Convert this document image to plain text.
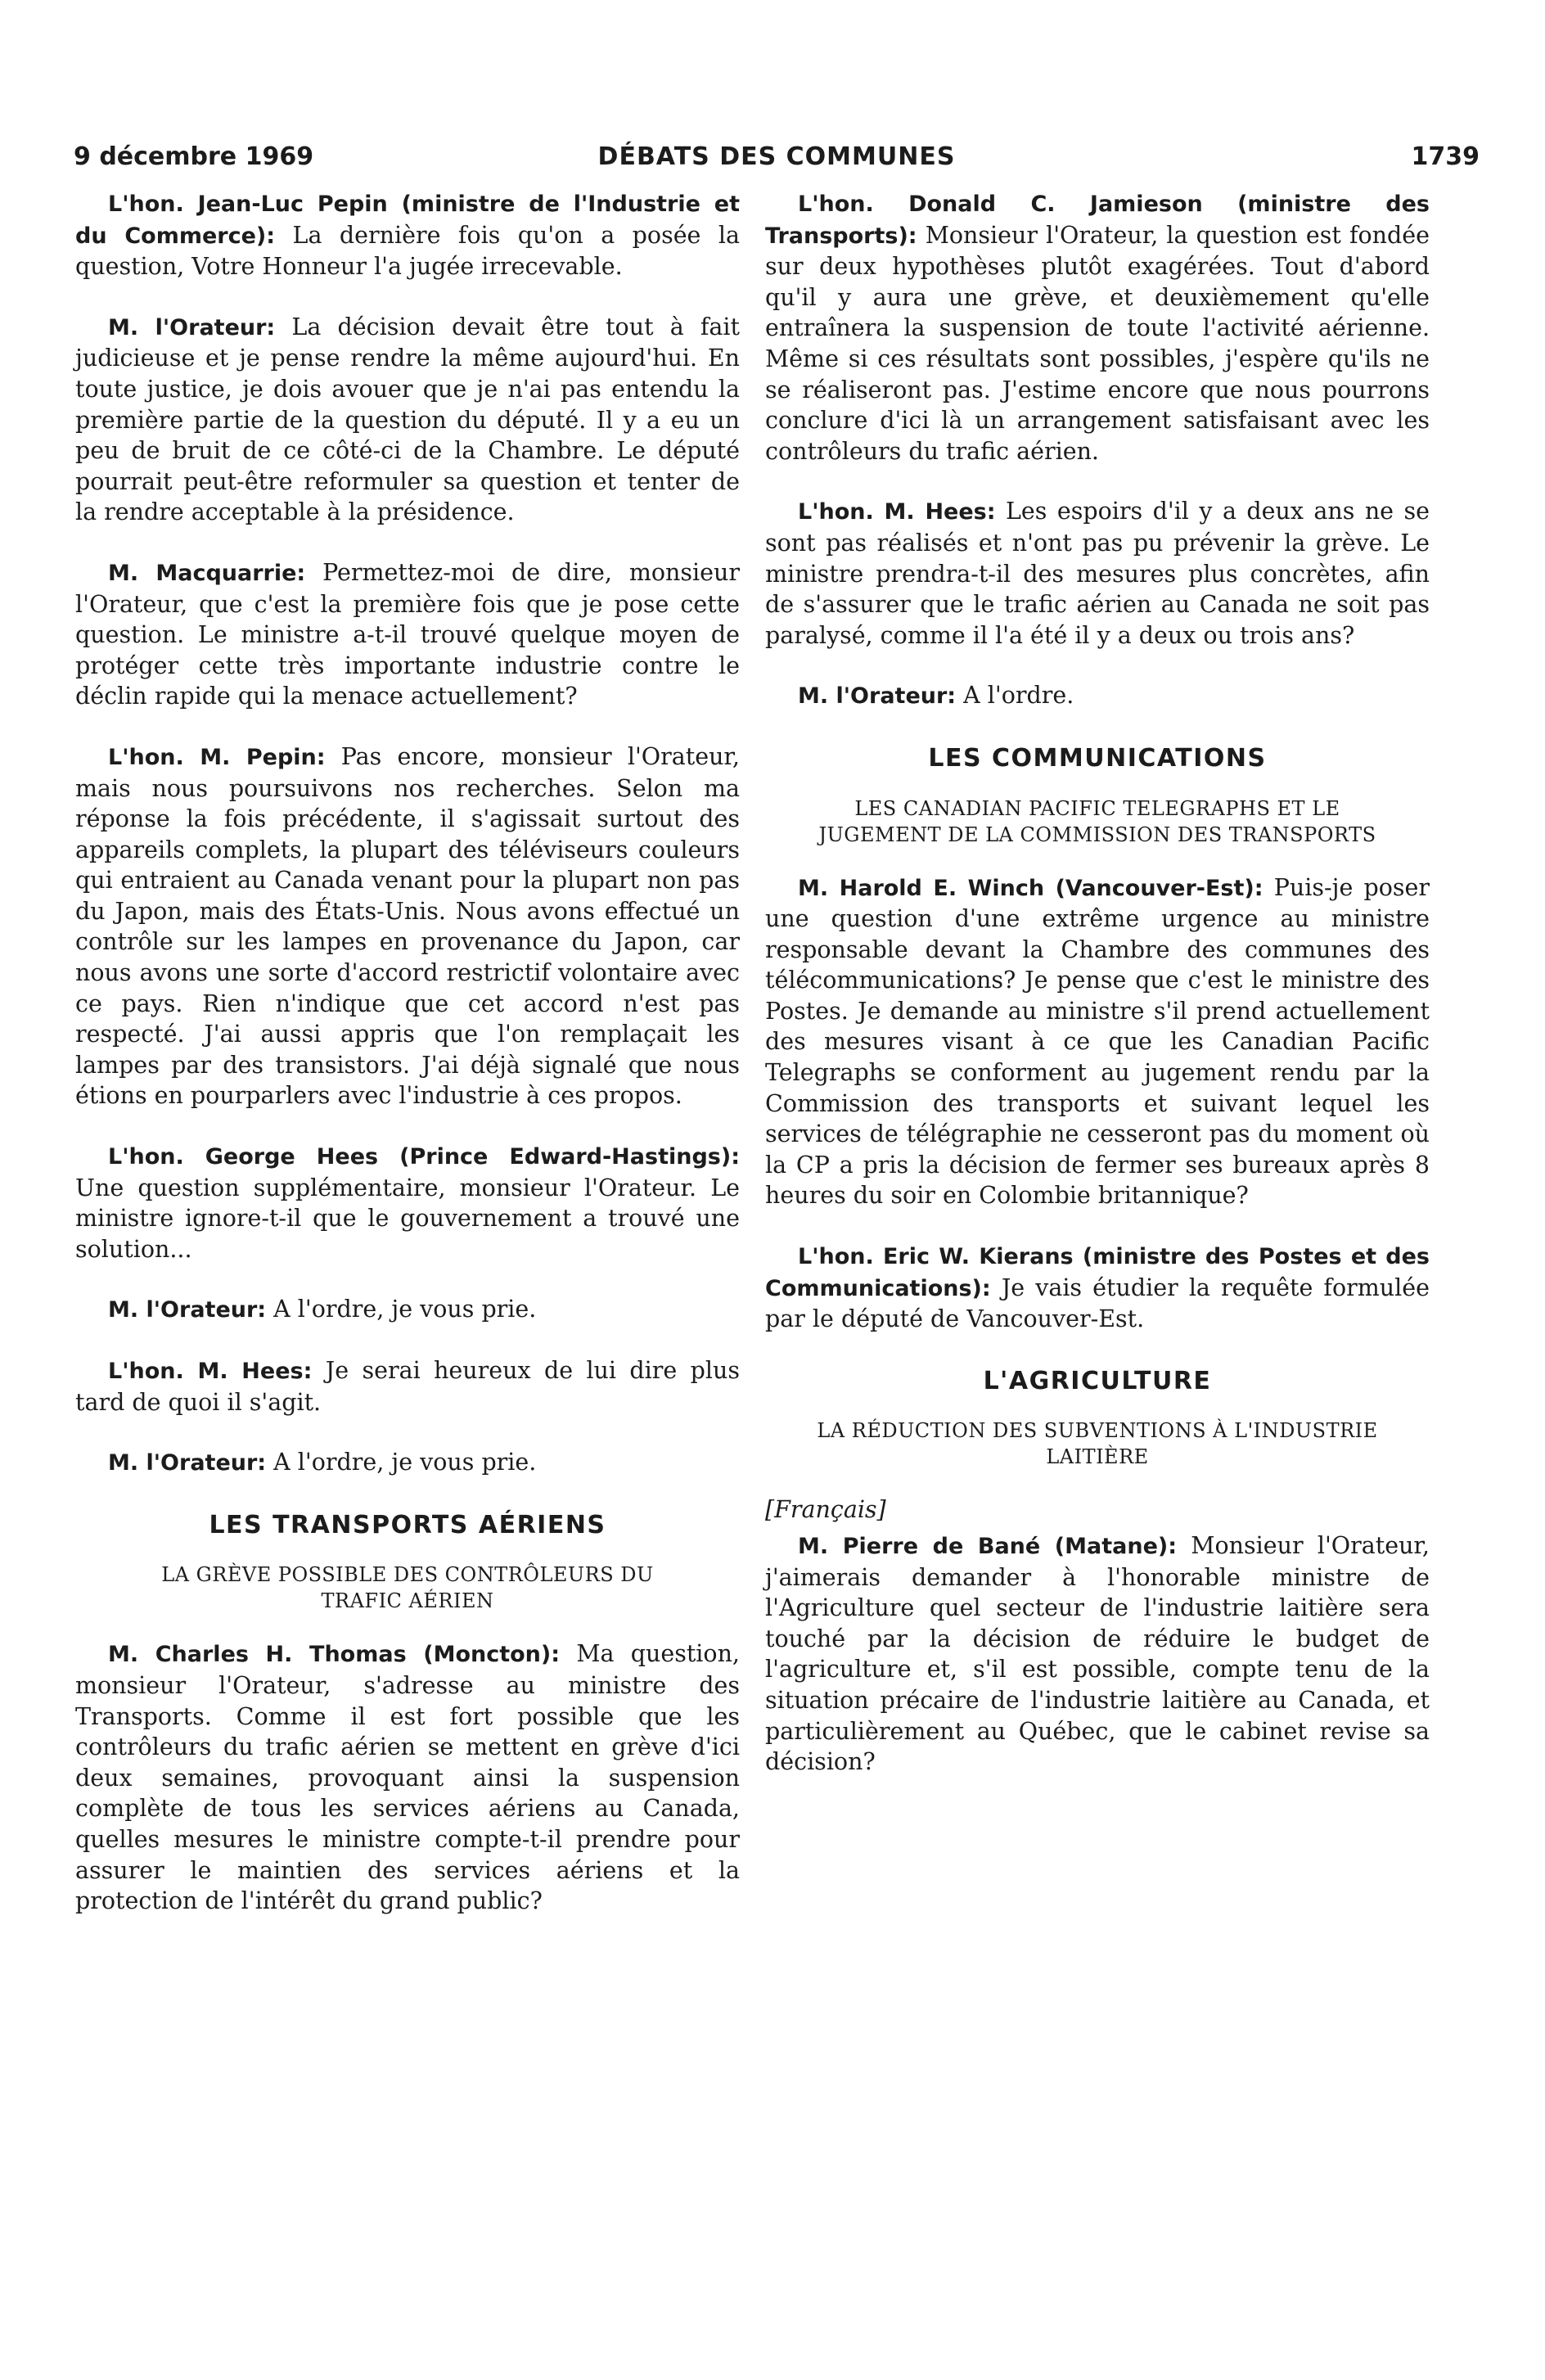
9 décembre 1969	DÉBATS DES COMMUNES	1739

L'hon. Jean-Luc Pepin (ministre de l'Industrie et du Commerce): La dernière fois qu'on a posée la question, Votre Honneur l'a jugée irrecevable.

M. l'Orateur: La décision devait être tout à fait judicieuse et je pense rendre la même aujourd'hui. En toute justice, je dois avouer que je n'ai pas entendu la première partie de la question du député. Il y a eu un peu de bruit de ce côté-ci de la Chambre. Le député pourrait peut-être reformuler sa question et tenter de la rendre acceptable à la présidence.

M. Macquarrie: Permettez-moi de dire, monsieur l'Orateur, que c'est la première fois que je pose cette question. Le ministre a-t-il trouvé quelque moyen de protéger cette très importante industrie contre le déclin rapide qui la menace actuellement?

L'hon. M. Pepin: Pas encore, monsieur l'Orateur, mais nous poursuivons nos recherches. Selon ma réponse la fois précédente, il s'agissait surtout des appareils complets, la plupart des téléviseurs couleurs qui entraient au Canada venant pour la plupart non pas du Japon, mais des États-Unis. Nous avons effectué un contrôle sur les lampes en provenance du Japon, car nous avons une sorte d'accord restrictif volontaire avec ce pays. Rien n'indique que cet accord n'est pas respecté. J'ai aussi appris que l'on remplaçait les lampes par des transistors. J'ai déjà signalé que nous étions en pourparlers avec l'industrie à ces propos.

L'hon. George Hees (Prince Edward-Hastings): Une question supplémentaire, monsieur l'Orateur. Le ministre ignore-t-il que le gouvernement a trouvé une solution...

M. l'Orateur: A l'ordre, je vous prie.

L'hon. M. Hees: Je serai heureux de lui dire plus tard de quoi il s'agit.

M. l'Orateur: A l'ordre, je vous prie.

LES TRANSPORTS AÉRIENS
LA GRÈVE POSSIBLE DES CONTRÔLEURS DU TRAFIC AÉRIEN

M. Charles H. Thomas (Moncton): Ma question, monsieur l'Orateur, s'adresse au ministre des Transports. Comme il est fort possible que les contrôleurs du trafic aérien se mettent en grève d'ici deux semaines, provoquant ainsi la suspension complète de tous les services aériens au Canada, quelles mesures le ministre compte-t-il prendre pour assurer le maintien des services aériens et la protection de l'intérêt du grand public?

L'hon. Donald C. Jamieson (ministre des Transports): Monsieur l'Orateur, la question est fondée sur deux hypothèses plutôt exagérées. Tout d'abord qu'il y aura une grève, et deuxièmement qu'elle entraînera la suspension de toute l'activité aérienne. Même si ces résultats sont possibles, j'espère qu'ils ne se réaliseront pas. J'estime encore que nous pourrons conclure d'ici là un arrangement satisfaisant avec les contrôleurs du trafic aérien.

L'hon. M. Hees: Les espoirs d'il y a deux ans ne se sont pas réalisés et n'ont pas pu prévenir la grève. Le ministre prendra-t-il des mesures plus concrètes, afin de s'assurer que le trafic aérien au Canada ne soit pas paralysé, comme il l'a été il y a deux ou trois ans?

M. l'Orateur: A l'ordre.

LES COMMUNICATIONS
LES CANADIAN PACIFIC TELEGRAPHS ET LE JUGEMENT DE LA COMMISSION DES TRANSPORTS

M. Harold E. Winch (Vancouver-Est): Puis-je poser une question d'une extrême urgence au ministre responsable devant la Chambre des communes des télécommunications? Je pense que c'est le ministre des Postes. Je demande au ministre s'il prend actuellement des mesures visant à ce que les Canadian Pacific Telegraphs se conforment au jugement rendu par la Commission des transports et suivant lequel les services de télégraphie ne cesseront pas du moment où la CP a pris la décision de fermer ses bureaux après 8 heures du soir en Colombie britannique?

L'hon. Eric W. Kierans (ministre des Postes et des Communications): Je vais étudier la requête formulée par le député de Vancouver-Est.

L'AGRICULTURE
LA RÉDUCTION DES SUBVENTIONS À L'INDUSTRIE LAITIÈRE
[Français]

M. Pierre de Bané (Matane): Monsieur l'Orateur, j'aimerais demander à l'honorable ministre de l'Agriculture quel secteur de l'industrie laitière sera touché par la décision de réduire le budget de l'agriculture et, s'il est possible, compte tenu de la situation précaire de l'industrie laitière au Canada, et particulièrement au Québec, que le cabinet revise sa décision?
